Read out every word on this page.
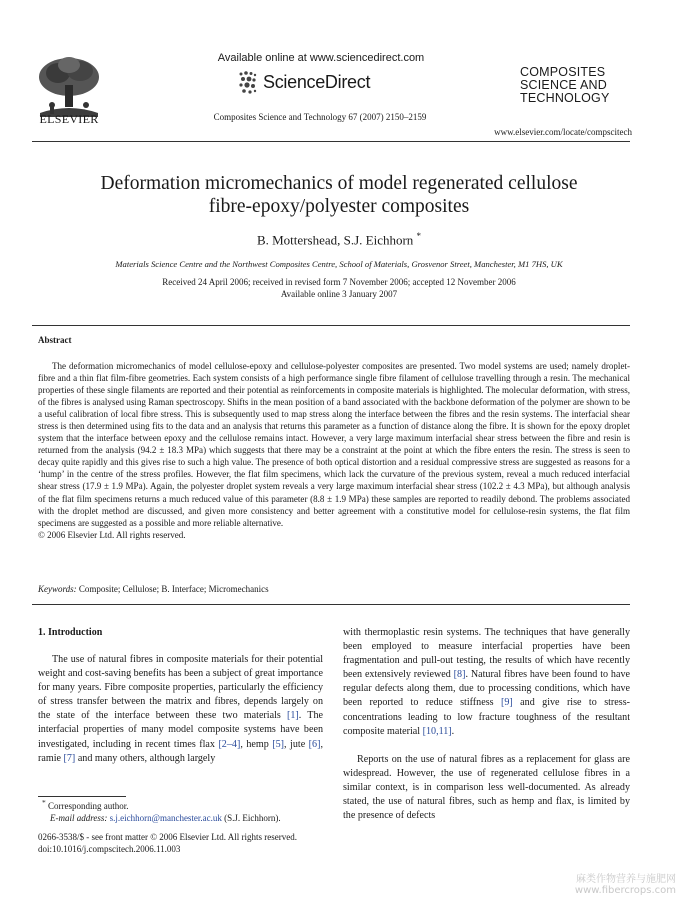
ELSEVIER
Available online at www.sciencedirect.com
ScienceDirect
Composites Science and Technology 67 (2007) 2150–2159
COMPOSITES
SCIENCE AND
TECHNOLOGY
www.elsevier.com/locate/compscitech
Deformation micromechanics of model regenerated cellulose
fibre-epoxy/polyester composites
B. Mottershead, S.J. Eichhorn *
Materials Science Centre and the Northwest Composites Centre, School of Materials, Grosvenor Street, Manchester, M1 7HS, UK
Received 24 April 2006; received in revised form 7 November 2006; accepted 12 November 2006
Available online 3 January 2007
Abstract
The deformation micromechanics of model cellulose-epoxy and cellulose-polyester composites are presented. Two model systems are used; namely droplet-fibre and a thin flat film-fibre geometries. Each system consists of a high performance single fibre filament of cellulose travelling through a resin. The mechanical properties of these single filaments are reported and their potential as reinforcements in composite materials is highlighted. The molecular deformation, with stress, of the fibres is analysed using Raman spectroscopy. Shifts in the mean position of a band associated with the backbone deformation of the polymer are shown to be a useful calibration of local fibre stress. This is subsequently used to map stress along the interface between the fibres and the resin systems. The interfacial shear stress is then determined using fits to the data and an analysis that returns this parameter as a function of distance along the fibre. It is shown for the epoxy droplet system that the interface between epoxy and the cellulose remains intact. However, a very large maximum interfacial shear stress between the fibre and resin is returned from the analysis (94.2 ± 18.3 MPa) which suggests that there may be a constraint at the point at which the fibre enters the resin. The stress is seen to decay quite rapidly and this gives rise to such a high value. The presence of both optical distortion and a residual compressive stress are suggested as reasons for a ‘hump’ in the centre of the stress profiles. However, the flat film specimens, which lack the curvature of the previous system, reveal a much reduced interfacial shear stress (17.9 ± 1.9 MPa). Again, the polyester droplet system reveals a very large maximum interfacial shear stress (102.2 ± 4.3 MPa), but although analysis of the flat film specimens returns a much reduced value of this parameter (8.8 ± 1.9 MPa) these samples are reported to readily debond. The problems associated with the droplet method are discussed, and given more consistency and better agreement with a constitutive model for cellulose-resin systems, the flat film specimens are suggested as a possible and more reliable alternative.
© 2006 Elsevier Ltd. All rights reserved.
Keywords: Composite; Cellulose; B. Interface; Micromechanics
1. Introduction

The use of natural fibres in composite materials for their potential weight and cost-saving benefits has been a subject of great importance for many years. Fibre composite properties, particularly the efficiency of stress transfer between the matrix and fibres, depends largely on the state of the interface between these two materials [1]. The interfacial properties of many model composite systems have been investigated, including in recent times flax [2–4], hemp [5], jute [6], ramie [7] and many others, although largely

with thermoplastic resin systems. The techniques that have generally been employed to measure interfacial properties have been fragmentation and pull-out testing, the results of which have recently been extensively reviewed [8]. Natural fibres have been found to have regular defects along them, due to processing conditions, which have been reported to reduce stiffness [9] and give rise to stress-concentrations leading to low fracture toughness of the resultant composite material [10,11].

Reports on the use of natural fibres as a replacement for glass are widespread. However, the use of regenerated cellulose fibres in a similar context, is in comparison less well-documented. As already stated, the use of natural fibres, such as hemp and flax, is limited by the presence of defects

* Corresponding author.
E-mail address: s.j.eichhorn@manchester.ac.uk (S.J. Eichhorn).
0266-3538/$ - see front matter © 2006 Elsevier Ltd. All rights reserved.
doi:10.1016/j.compscitech.2006.11.003
麻类作物营养与施肥网
www.fibercrops.com
